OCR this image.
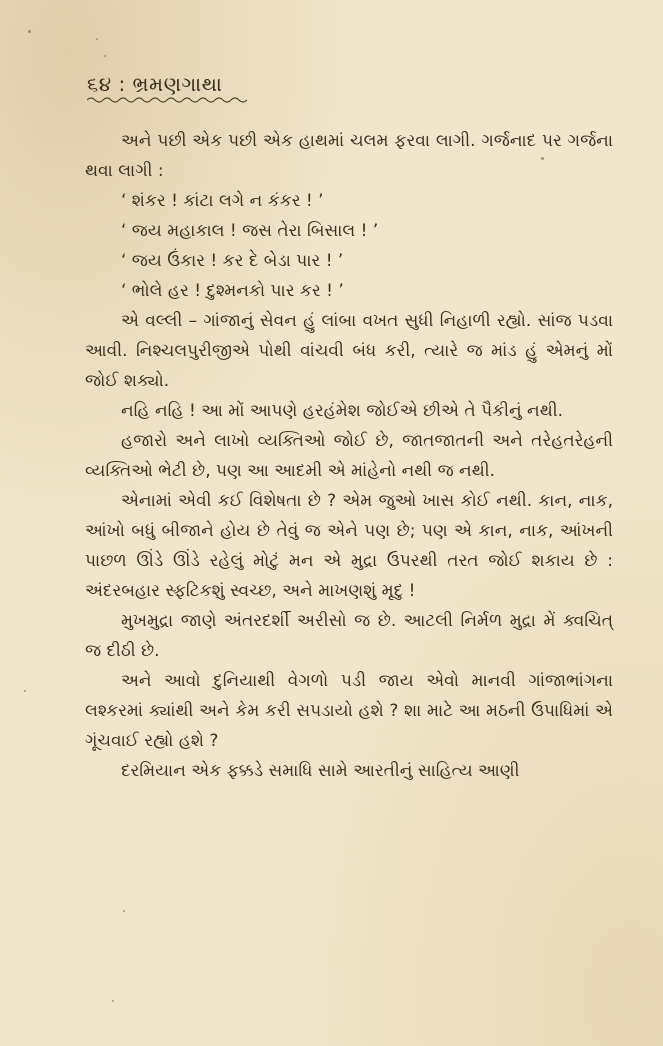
૬૪ : ભ્રમણગાથા

અને પછી એક પછી એક હાથમાં ચલમ ફરવા લાગી. ગર્જનાદ પર ગર્જના થવા લાગી :

‘ શંકર ! કાંટા લગે ન કંકર ! ’

‘ જય મહાકાલ ! જસ તેરા બિસાલ ! ’

‘ જય ઉંકાર ! કર દે બેડા પાર ! ’

‘ ભોલે હર ! દુશ્મનકો પાર કર ! ’

એ વલ્લી – ગાંજાનું સેવન હું લાંબા વખત સુધી નિહાળી રહ્યો. સાંજ પડવા આવી. નિશ્ચલપુરીજીએ પોથી વાંચવી બંધ કરી, ત્યારે જ માંડ હું એમનું મોં જોઈ શક્યો.

નહિ નહિ ! આ મોં આપણે હરહંમેશ જોઈએ છીએ તે પૈકીનું નથી.

હજારો અને લાખો વ્યક્તિઓ જોઈ છે, જાતજાતની અને તરેહતરેહની વ્યક્તિઓ ભેટી છે, પણ આ આદમી એ માંહેનો નથી જ નથી.

એનામાં એવી કઈ વિશેષતા છે ? એમ જુઓ ખાસ કોઈ નથી. કાન, નાક, આંખો બધું બીજાને હોય છે તેવું જ એને પણ છે; પણ એ કાન, નાક, આંખની પાછળ ઊંડે ઊંડે રહેલું મોટું મન એ મુદ્રા ઉપરથી તરત જોઈ શકાય છે : અંદરબહાર સ્ફટિકશું સ્વચ્છ, અને માખણશું મૃદુ !

મુખમુદ્રા જાણે અંતરદર્શી અરીસો જ છે. આટલી નિર્મળ મુદ્રા મેં ક્વચિત્ જ દીઠી છે.

અને આવો દુનિયાથી વેગળો પડી જાય એવો માનવી ગાંજાભાંગના લશ્કરમાં ક્યાંથી અને કેમ કરી સપડાયો હશે ? શા માટે આ મઠની ઉપાધિમાં એ ગૂંચવાઈ રહ્યો હશે ?

દરમિયાન એક ફક્કડે સમાધિ સામે આરતીનું સાહિત્ય આણી
